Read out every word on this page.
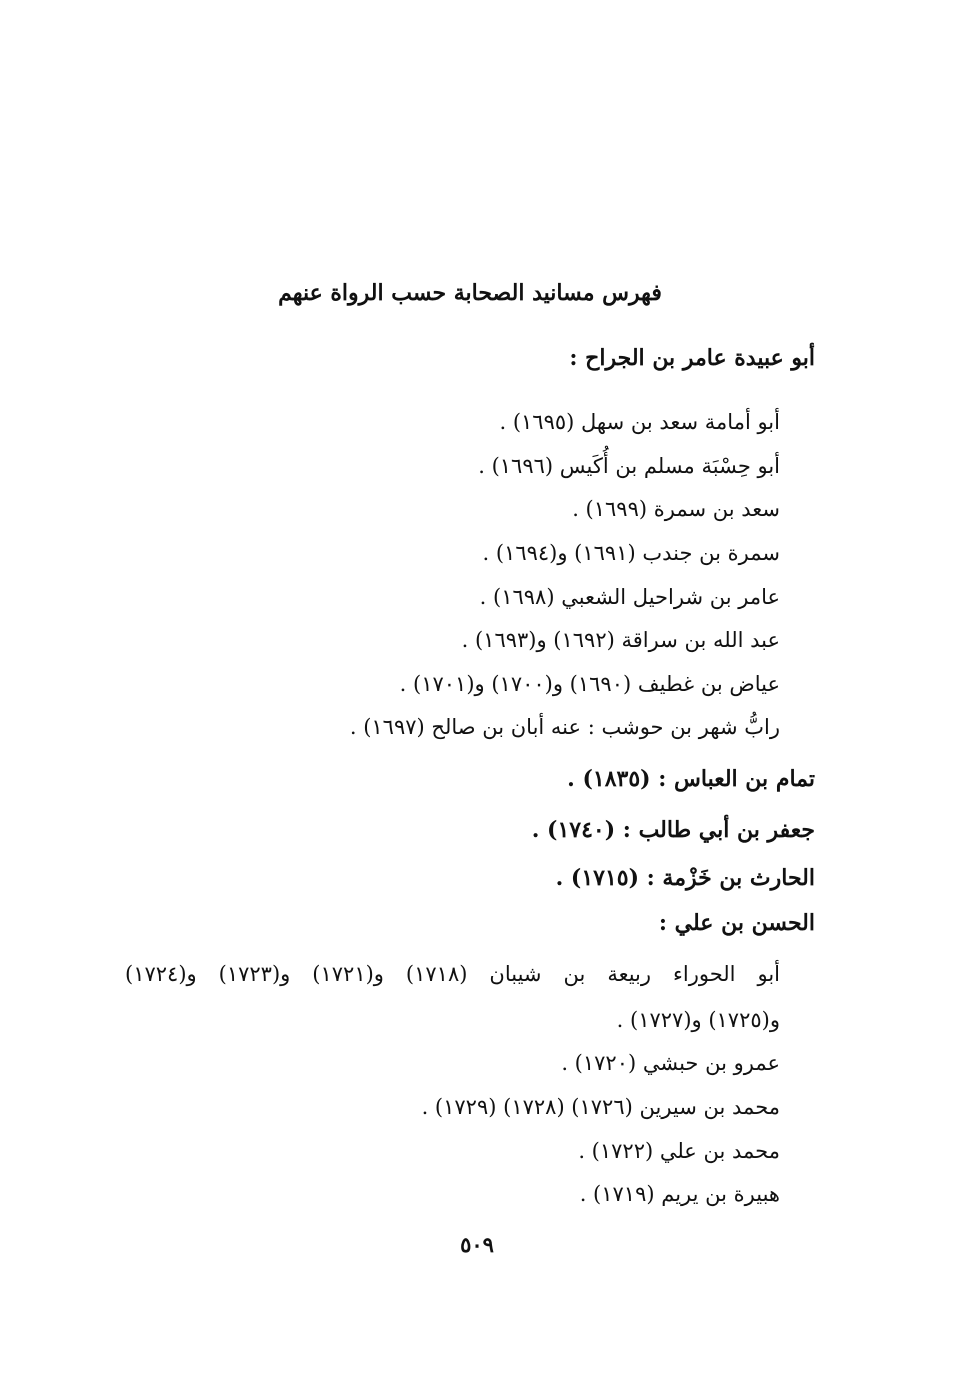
فهرس مسانيد الصحابة حسب الرواة عنهم
أبو عبيدة عامر بن الجراح :
أبو أمامة سعد بن سهل (١٦٩٥) .
أبو حِسْبَة مسلم بن أُكَيس (١٦٩٦) .
سعد بن سمرة (١٦٩٩) .
سمرة بن جندب (١٦٩١) و(١٦٩٤) .
عامر بن شراحيل الشعبي (١٦٩٨) .
عبد الله بن سراقة (١٦٩٢) و(١٦٩٣) .
عياض بن غطيف (١٦٩٠) و(١٧٠٠) و(١٧٠١) .
رابُّ شهر بن حوشب : عنه أبان بن صالح (١٦٩٧) .
تمام بن العباس : (١٨٣٥) .
جعفر بن أبي طالب : (١٧٤٠) .
الحارث بن خَزْمة : (١٧١٥) .
الحسن بن علي :
أبو الحوراء ربيعة بن شيبان (١٧١٨) و(١٧٢١) و(١٧٢٣) و(١٧٢٤)
و(١٧٢٥) و(١٧٢٧) .
عمرو بن حبشي (١٧٢٠) .
محمد بن سيرين (١٧٢٦) (١٧٢٨) (١٧٢٩) .
محمد بن علي (١٧٢٢) .
هبيرة بن يريم (١٧١٩) .
٥٠٩
